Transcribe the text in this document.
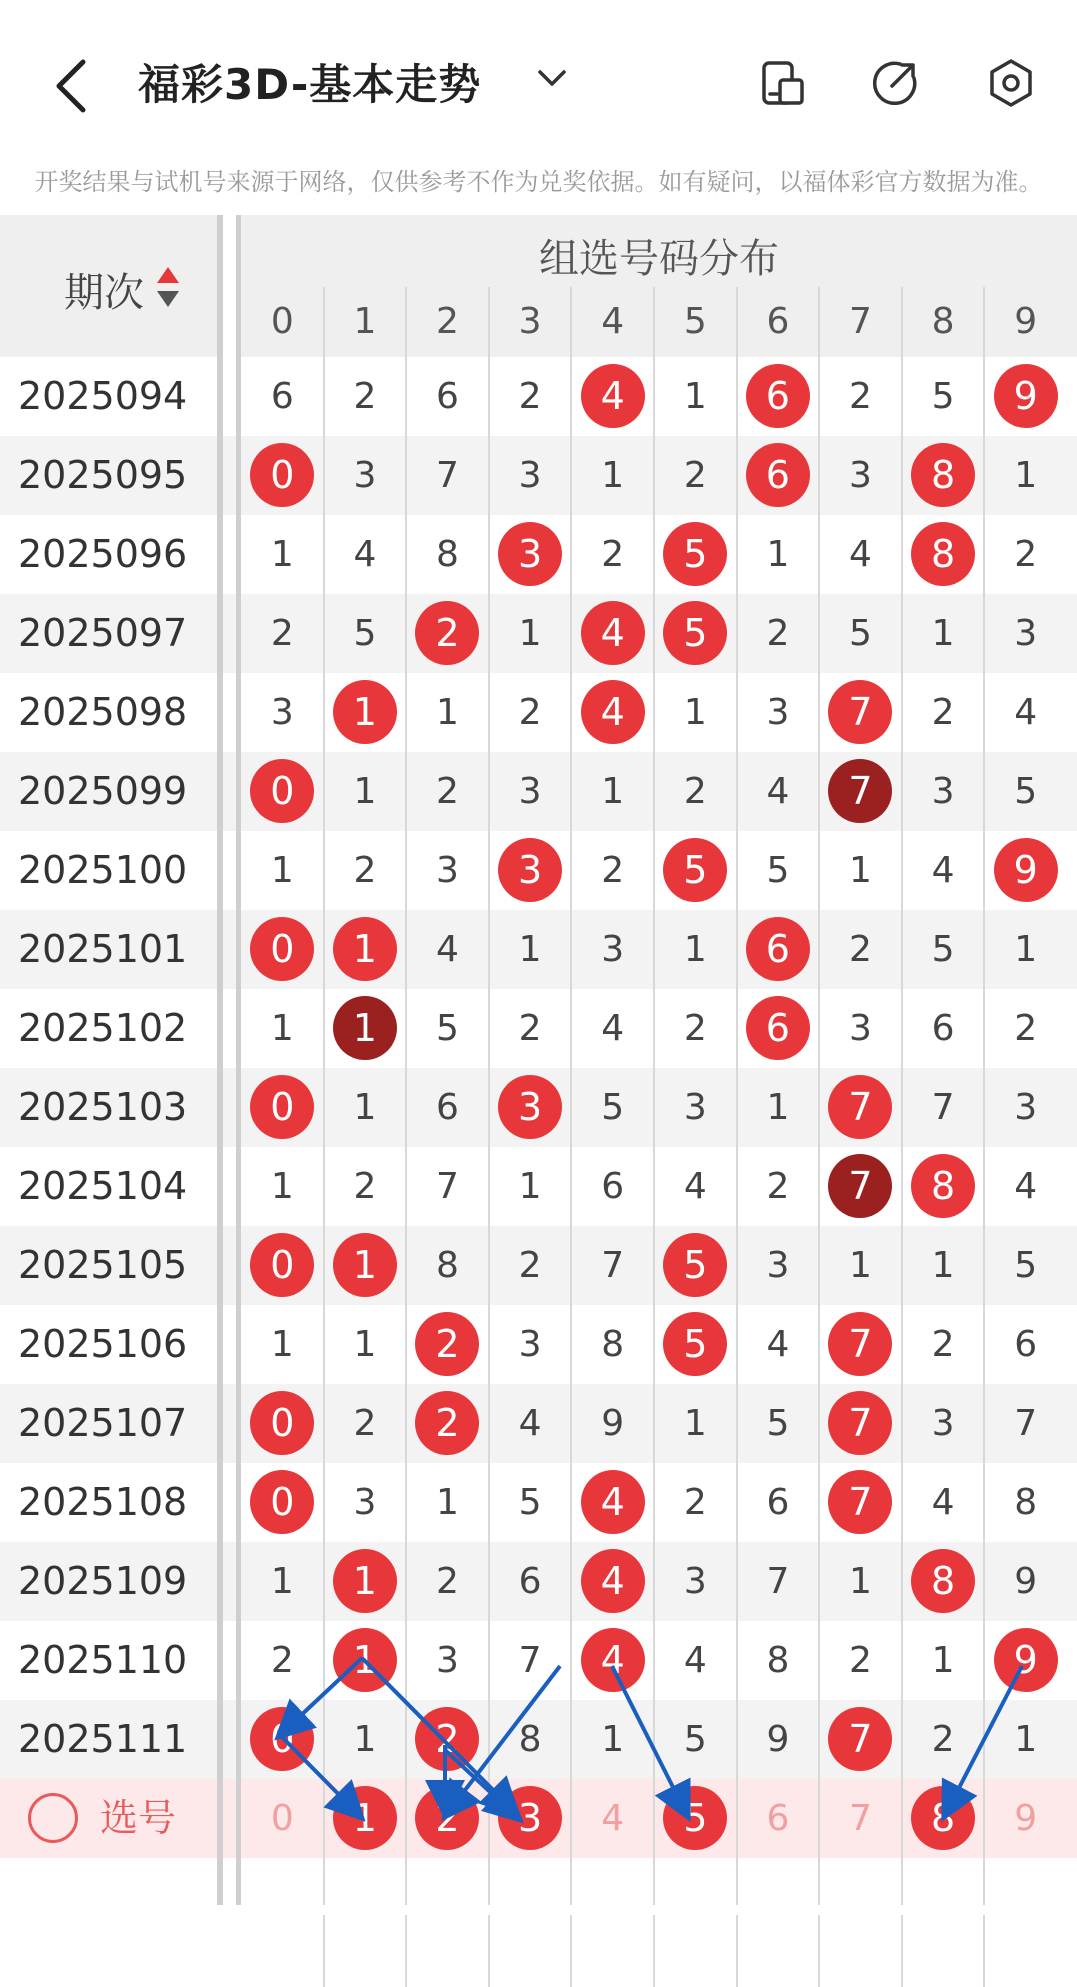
福彩3D-基本走势
开奖结果与试机号来源于网络，仅供参考不作为兑奖依据。如有疑问，以福体彩官方数据为准。
期次
组选号码分布
0	1	2	3	4	5	6	7	8	9
2025094	6	2	6	2	4	1	6	2	5	9
2025095	0	3	7	3	1	2	6	3	8	1
2025096	1	4	8	3	2	5	1	4	8	2
2025097	2	5	2	1	4	5	2	5	1	3
2025098	3	1	1	2	4	1	3	7	2	4
2025099	0	1	2	3	1	2	4	7	3	5
2025100	1	2	3	3	2	5	5	1	4	9
2025101	0	1	4	1	3	1	6	2	5	1
2025102	1	1	5	2	4	2	6	3	6	2
2025103	0	1	6	3	5	3	1	7	7	3
2025104	1	2	7	1	6	4	2	7	8	4
2025105	0	1	8	2	7	5	3	1	1	5
2025106	1	1	2	3	8	5	4	7	2	6
2025107	0	2	2	4	9	1	5	7	3	7
2025108	0	3	1	5	4	2	6	7	4	8
2025109	1	1	2	6	4	3	7	1	8	9
2025110	2	1	3	7	4	4	8	2	1	9
2025111	0	1	2	8	1	5	9	7	2	1
选号	0	1	2	3	4	5	6	7	8	9
